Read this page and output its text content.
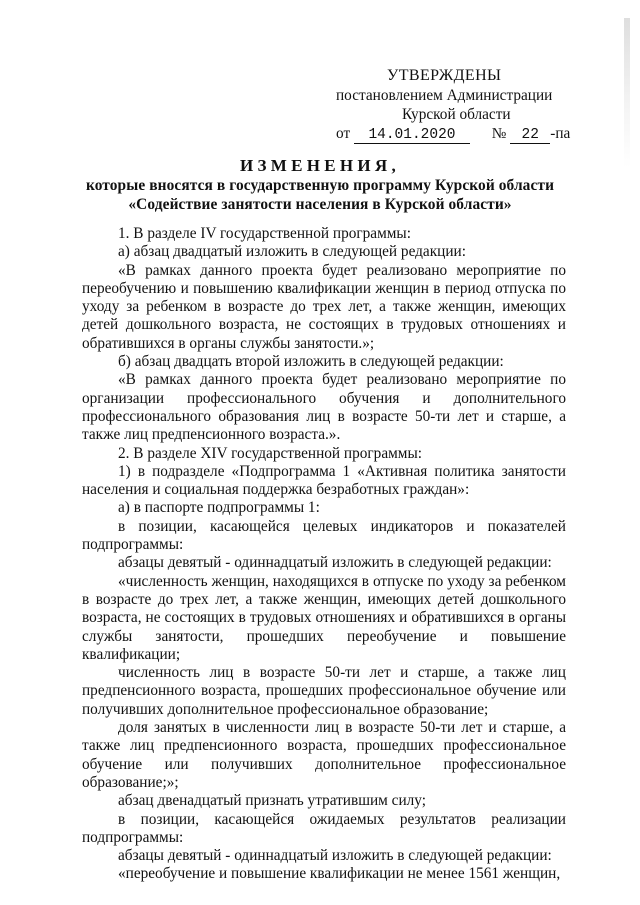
УТВЕРЖДЕНЫ
постановлением Администрации
Курской области
от 14.01.2020 № 22 -па
ИЗМЕНЕНИЯ,
которые вносятся в государственную программу Курской области
«Содействие занятости населения в Курской области»

1. В разделе IV государственной программы:

а) абзац двадцатый изложить в следующей редакции:

«В рамках данного проекта будет реализовано мероприятие по переобучению и повышению квалификации женщин в период отпуска по уходу за ребенком в возрасте до трех лет, а также женщин, имеющих детей дошкольного возраста, не состоящих в трудовых отношениях и обратившихся в органы службы занятости.»;

б) абзац двадцать второй изложить в следующей редакции:

«В рамках данного проекта будет реализовано мероприятие по организации профессионального обучения и дополнительного профессионального образования лиц в возрасте 50-ти лет и старше, а также лиц предпенсионного возраста.».

2. В разделе XIV государственной программы:

1) в подразделе «Подпрограмма 1 «Активная политика занятости населения и социальная поддержка безработных граждан»:

а) в паспорте подпрограммы 1:

в позиции, касающейся целевых индикаторов и показателей подпрограммы:

абзацы девятый - одиннадцатый изложить в следующей редакции:

«численность женщин, находящихся в отпуске по уходу за ребенком в возрасте до трех лет, а также женщин, имеющих детей дошкольного возраста, не состоящих в трудовых отношениях и обратившихся в органы службы занятости, прошедших переобучение и повышение квалификации;

численность лиц в возрасте 50-ти лет и старше, а также лиц предпенсионного возраста, прошедших профессиональное обучение или получивших дополнительное профессиональное образование;

доля занятых в численности лиц в возрасте 50-ти лет и старше, а также лиц предпенсионного возраста, прошедших профессиональное обучение или получивших дополнительное профессиональное образование;»;

абзац двенадцатый признать утратившим силу;

в позиции, касающейся ожидаемых результатов реализации подпрограммы:

абзацы девятый - одиннадцатый изложить в следующей редакции:

«переобучение и повышение квалификации не менее 1561 женщин,
